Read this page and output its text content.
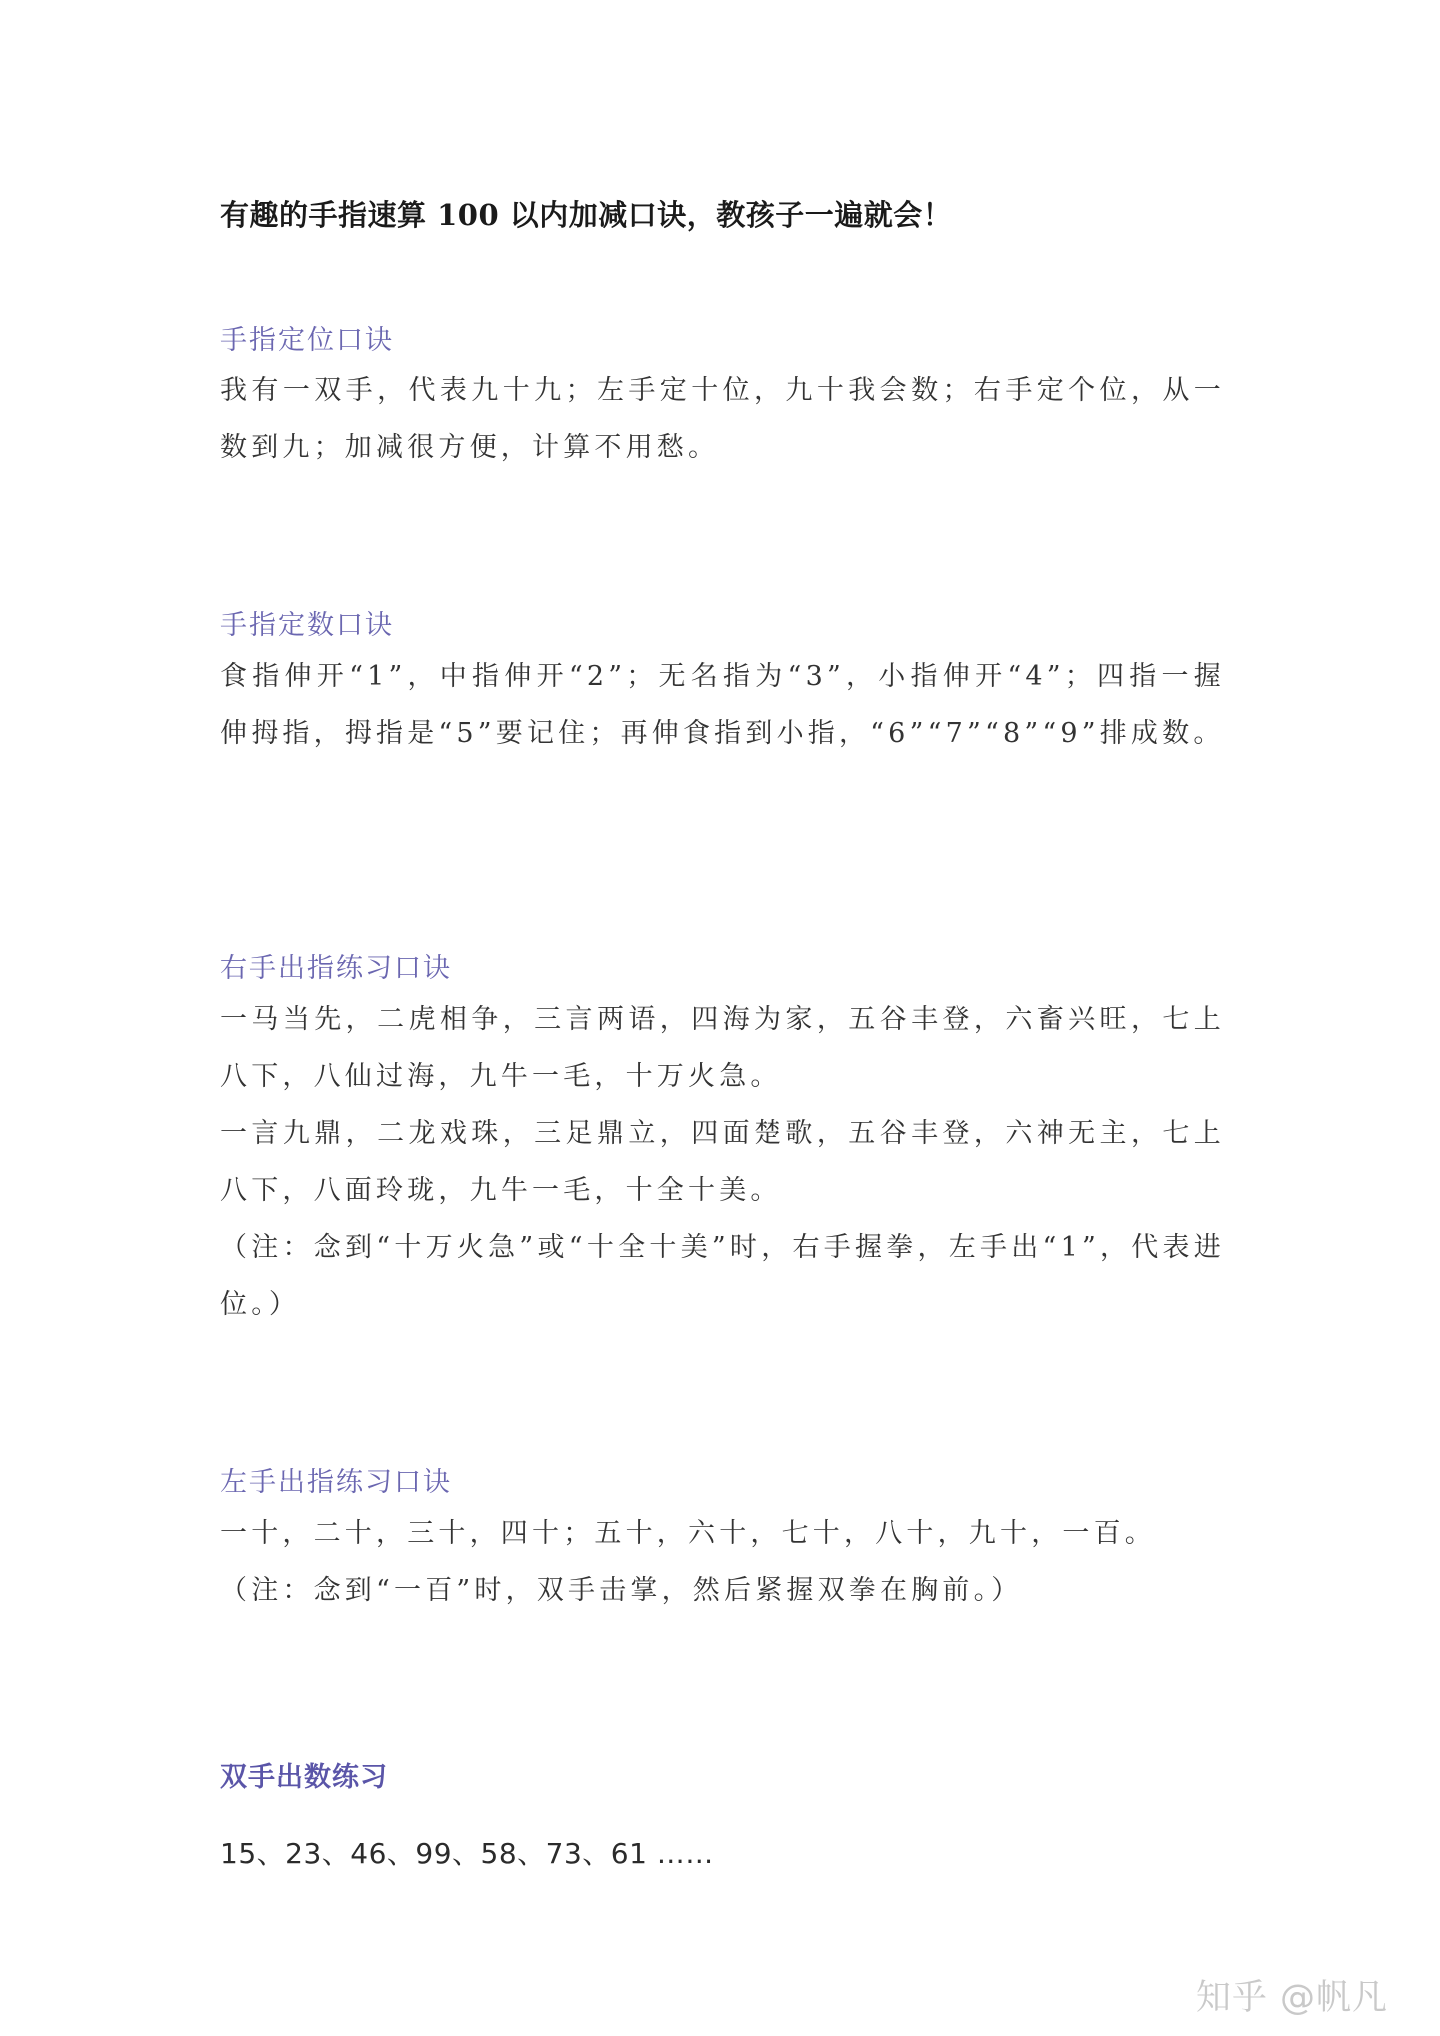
有趣的手指速算 100 以内加减口诀，教孩子一遍就会！
手指定位口诀
我有一双手，代表九十九；左手定十位，九十我会数；右手定个位，从一数到九；加减很方便，计算不用愁。
手指定数口诀
食指伸开“1”，中指伸开“2”；无名指为“3”，小指伸开“4”；四指一握伸拇指，拇指是“5”要记住；再伸食指到小指，“6”“7”“8”“9”排成数。
右手出指练习口诀
一马当先，二虎相争，三言两语，四海为家，五谷丰登，六畜兴旺，七上八下，八仙过海，九牛一毛，十万火急。
一言九鼎，二龙戏珠，三足鼎立，四面楚歌，五谷丰登，六神无主，七上八下，八面玲珑，九牛一毛，十全十美。
（注：念到“十万火急”或“十全十美”时，右手握拳，左手出“1”，代表进位。）
左手出指练习口诀
一十，二十，三十，四十；五十，六十，七十，八十，九十，一百。
（注：念到“一百”时，双手击掌，然后紧握双拳在胸前。）
双手出数练习
15、23、46、99、58、73、61 ……
知乎 @帆凡
